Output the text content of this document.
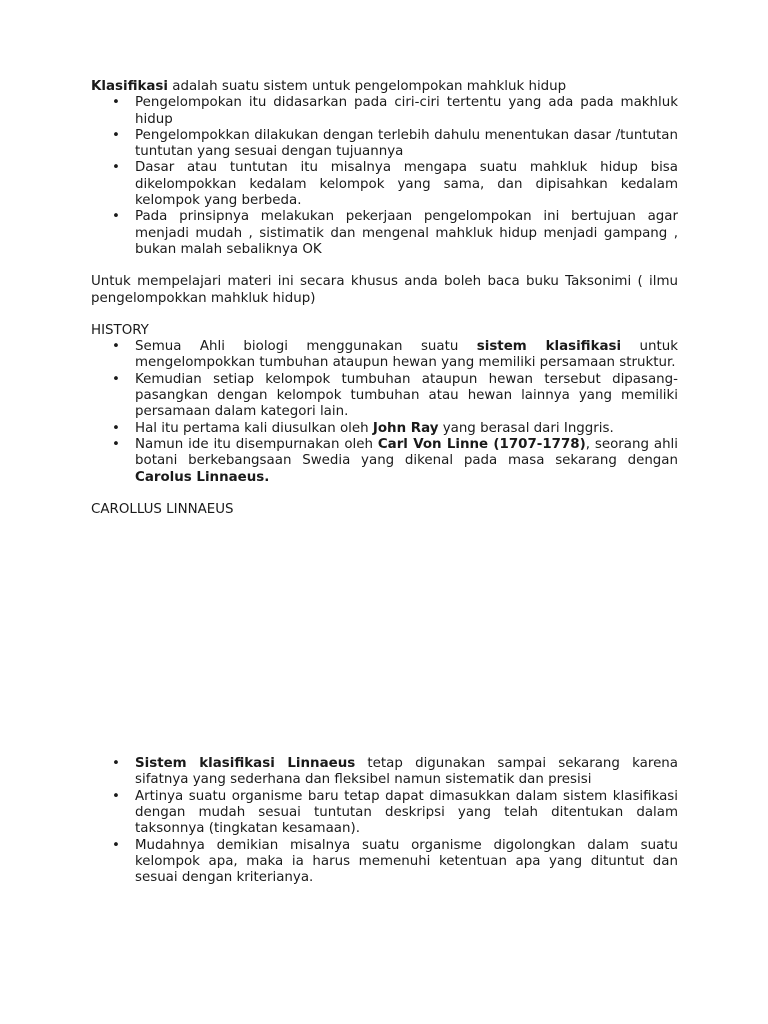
Klasifikasi adalah suatu sistem untuk pengelompokan mahkluk hidup

• Pengelompokan itu didasarkan pada ciri-ciri tertentu yang ada pada makhluk hidup
• Pengelompokkan dilakukan dengan terlebih dahulu menentukan dasar /tuntutan tuntutan yang sesuai dengan tujuannya
• Dasar atau tuntutan itu misalnya mengapa suatu mahkluk hidup bisa dikelompokkan kedalam kelompok yang sama, dan dipisahkan kedalam kelompok yang berbeda.
• Pada prinsipnya melakukan pekerjaan pengelompokan ini bertujuan agar menjadi mudah , sistimatik dan mengenal mahkluk hidup menjadi gampang , bukan malah sebaliknya OK

Untuk mempelajari materi ini secara khusus anda boleh baca buku Taksonimi ( ilmu pengelompokkan mahkluk hidup)

HISTORY

• Semua Ahli biologi menggunakan suatu sistem klasifikasi untuk mengelompokkan tumbuhan ataupun hewan yang memiliki persamaan struktur.
• Kemudian setiap kelompok tumbuhan ataupun hewan tersebut dipasang-pasangkan dengan kelompok tumbuhan atau hewan lainnya yang memiliki persamaan dalam kategori lain.
• Hal itu pertama kali diusulkan oleh John Ray yang berasal dari Inggris.
• Namun ide itu disempurnakan oleh Carl Von Linne (1707-1778), seorang ahli botani berkebangsaan Swedia yang dikenal pada masa sekarang dengan Carolus Linnaeus.

CAROLLUS LINNAEUS

• Sistem klasifikasi Linnaeus tetap digunakan sampai sekarang karena sifatnya yang sederhana dan fleksibel namun sistematik dan presisi
• Artinya suatu organisme baru tetap dapat dimasukkan dalam sistem klasifikasi dengan mudah sesuai tuntutan deskripsi yang telah ditentukan dalam taksonnya (tingkatan kesamaan).
• Mudahnya demikian misalnya suatu organisme digolongkan dalam suatu kelompok apa, maka ia harus memenuhi ketentuan apa yang dituntut dan sesuai dengan kriterianya.
